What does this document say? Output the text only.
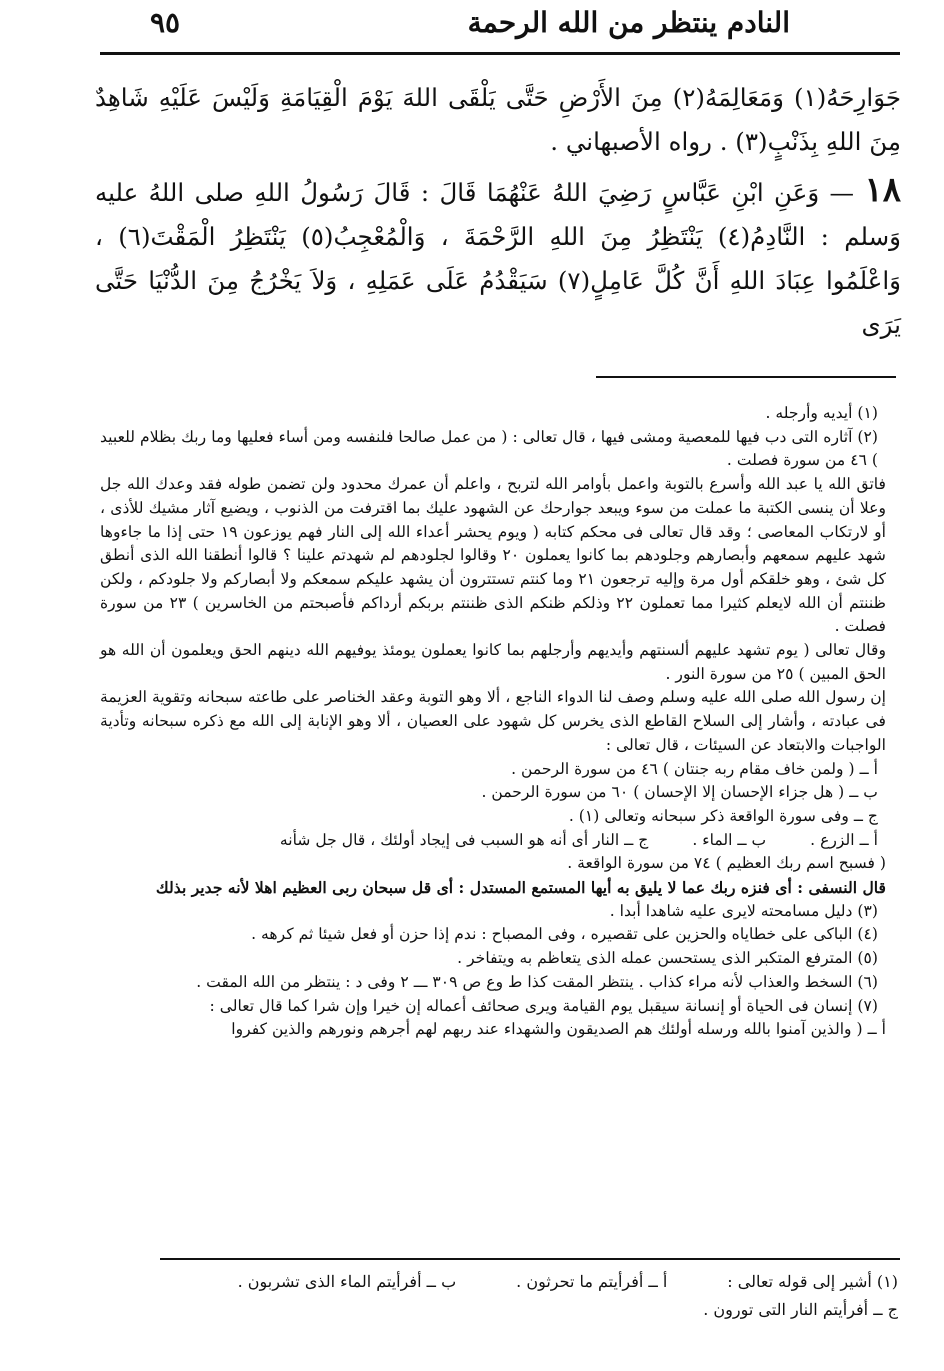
النادم ينتظر من الله الرحمة
٩٥

جَوَارِحَهُ(١) وَمَعَالِمَهُ(٢) مِنَ الأَرْضِ حَتَّى يَلْقَى اللهَ يَوْمَ الْقِيَامَةِ وَلَيْسَ عَلَيْهِ شَاهِدٌ مِنَ اللهِ بِذَنْبٍ(٣) . رواه الأصبهاني .

١٨ — وَعَنِ ابْنِ عَبَّاسٍ رَضِيَ اللهُ عَنْهُمَا قَالَ : قَالَ رَسُولُ اللهِ صلى اللهُ عليه وَسلم : النَّادِمُ(٤) يَنْتَظِرُ مِنَ اللهِ الرَّحْمَةَ ، وَالْمُعْجِبُ(٥) يَنْتَظِرُ الْمَقْتَ(٦) ، وَاعْلَمُوا عِبَادَ اللهِ أَنَّ كُلَّ عَامِلٍ(٧) سَيَقْدُمُ عَلَى عَمَلِهِ ، وَلاَ يَخْرُجُ مِنَ الدُّنْيَا حَتَّى يَرَى

(١) أيديه وأرجله .

(٢) آثاره التى دب فيها للمعصية ومشى فيها ، قال تعالى : ( من عمل صالحا فلنفسه ومن أساء فعليها وما ربك بظلام للعبيد ) ٤٦ من سورة فصلت .

فاتق الله يا عبد الله وأسرع بالتوبة واعمل بأوامر الله لتربح ، واعلم أن عمرك محدود ولن تضمن طوله فقد وعدك الله جل وعلا أن ينسى الكتبة ما عملت من سوء ويبعد جوارحك عن الشهود عليك بما اقترفت من الذنوب ، ويضيع آثار مشيك للأذى ، أو لارتكاب المعاصى ؛ وقد قال تعالى فى محكم كتابه ( ويوم يحشر أعداء الله إلى النار فهم يوزعون ١٩ حتى إذا ما جاءوها شهد عليهم سمعهم وأبصارهم وجلودهم بما كانوا يعملون ٢٠ وقالوا لجلودهم لم شهدتم علينا ؟ قالوا أنطقنا الله الذى أنطق كل شئ ، وهو خلقكم أول مرة وإليه ترجعون ٢١ وما كنتم تستترون أن يشهد عليكم سمعكم ولا أبصاركم ولا جلودكم ، ولكن ظننتم أن الله لايعلم كثيرا مما تعملون ٢٢ وذلكم ظنكم الذى ظننتم بربكم أرداكم فأصبحتم من الخاسرين ) ٢٣ من سورة فصلت .

وقال تعالى ( يوم تشهد عليهم ألسنتهم وأيديهم وأرجلهم بما كانوا يعملون يومئذ يوفيهم الله دينهم الحق ويعلمون أن الله هو الحق المبين ) ٢٥ من سورة النور .

إن رسول الله صلى الله عليه وسلم وصف لنا الدواء الناجع ، ألا وهو التوبة وعقد الخناصر على طاعته سبحانه وتقوية العزيمة فى عبادته ، وأشار إلى السلاح القاطع الذى يخرس كل شهود على العصيان ، ألا وهو الإنابة إلى الله مع ذكره سبحانه وتأدية الواجبات والابتعاد عن السيئات ، قال تعالى :

أ ــ ( ولمن خاف مقام ربه جنتان ) ٤٦ من سورة الرحمن .

ب ــ ( هل جزاء الإحسان إلا الإحسان ) ٦٠ من سورة الرحمن .

ج ــ وفى سورة الواقعة ذكر سبحانه وتعالى (١) .

أ ــ الزرع .
ب ــ الماء .
ج ــ النار أى أنه هو السبب فى إيجاد أولئك ، قال جل شأنه

( فسبح اسم ربك العظيم ) ٧٤ من سورة الواقعة .

قال النسفى : أى فنزه ربك عما لا يليق به أيها المستمع المستدل : أى قل سبحان ربى العظيم اهلا لأنه جدير بذلك

(٣) دليل مسامحته لايرى عليه شاهدا أبدا .

(٤) الباكى على خطاياه والحزين على تقصيره ، وفى المصباح : ندم إذا حزن أو فعل شيئا ثم كرهه .

(٥) المترفع المتكبر الذى يستحسن عمله الذى يتعاظم به ويتفاخر .

(٦) السخط والعذاب لأنه مراء كذاب . ينتظر المقت كذا ط وع ص ٣٠٩ ـــ ٢ وفى د : ينتظر من الله المقت .

(٧) إنسان فى الحياة أو إنسانة سيقبل يوم القيامة ويرى صحائف أعماله إن خيرا وإن شرا كما قال تعالى :

أ ــ ( والذين آمنوا بالله ورسله أولئك هم الصديقون والشهداء عند ربهم لهم أجرهم ونورهم والذين كفروا

(١) أشير إلى قوله تعالى :
أ ــ أفرأيتم ما تحرثون .
ب ــ أفرأيتم الماء الذى تشربون .
ج ــ أفرأيتم النار التى تورون .
